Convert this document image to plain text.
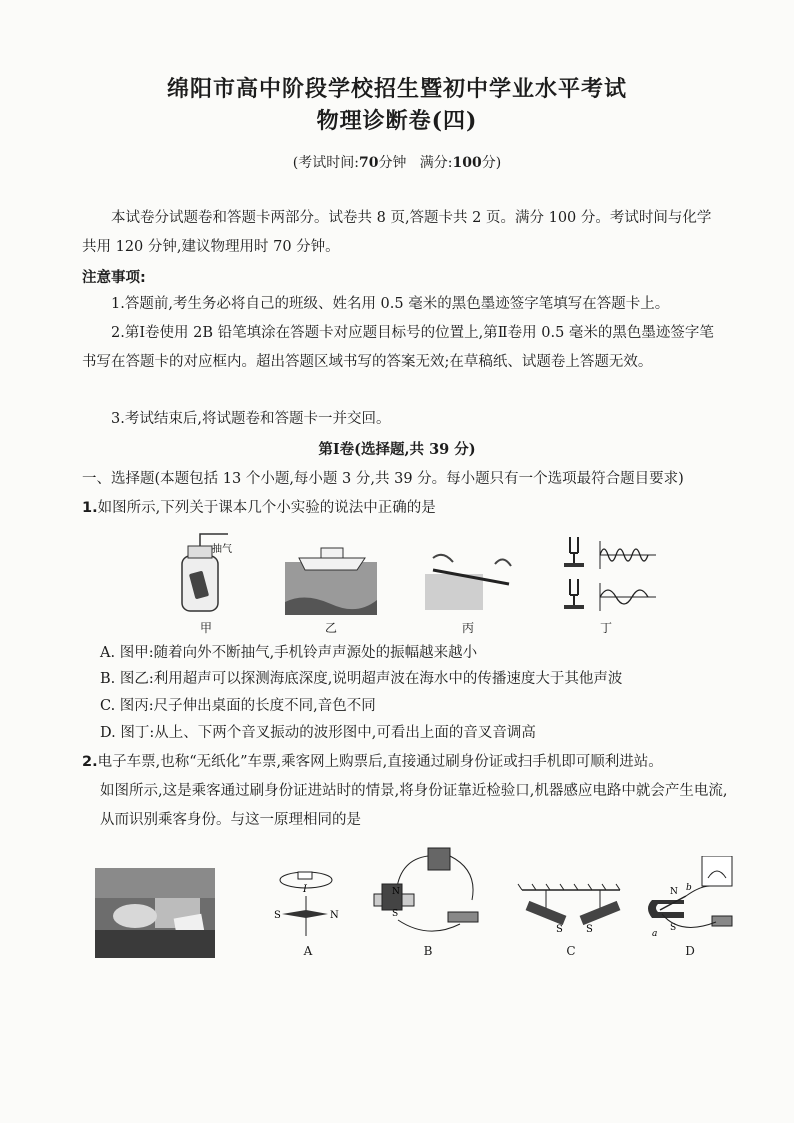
绵阳市高中阶段学校招生暨初中学业水平考试
物理诊断卷(四)
(考试时间:70分钟 满分:100分)
本试卷分试题卷和答题卡两部分。试卷共 8 页,答题卡共 2 页。满分 100 分。考试时间与化学共用 120 分钟,建议物理用时 70 分钟。
注意事项:
1.答题前,考生务必将自己的班级、姓名用 0.5 毫米的黑色墨迹签字笔填写在答题卡上。
2.第Ⅰ卷使用 2B 铅笔填涂在答题卡对应题目标号的位置上,第Ⅱ卷用 0.5 毫米的黑色墨迹签字笔书写在答题卡的对应框内。超出答题区域书写的答案无效;在草稿纸、试题卷上答题无效。
3.考试结束后,将试题卷和答题卡一并交回。
第Ⅰ卷(选择题,共 39 分)
一、选择题(本题包括 13 个小题,每小题 3 分,共 39 分。每小题只有一个选项最符合题目要求)
1.如图所示,下列关于课本几个小实验的说法中正确的是
抽气
甲	乙	丙	丁
A. 图甲:随着向外不断抽气,手机铃声声源处的振幅越来越小
B. 图乙:利用超声可以探测海底深度,说明超声波在海水中的传播速度大于其他声波
C. 图丙:尺子伸出桌面的长度不同,音色不同
D. 图丁:从上、下两个音叉振动的波形图中,可看出上面的音叉音调高
2.电子车票,也称“无纸化”车票,乘客网上购票后,直接通过刷身份证或扫手机即可顺利进站。
如图所示,这是乘客通过刷身份证进站时的情景,将身份证靠近检验口,机器感应电路中就会产生电流,从而识别乘客身份。与这一原理相同的是
I
S	N
N
S
S S
N
S
b
a
A	B	C	D
